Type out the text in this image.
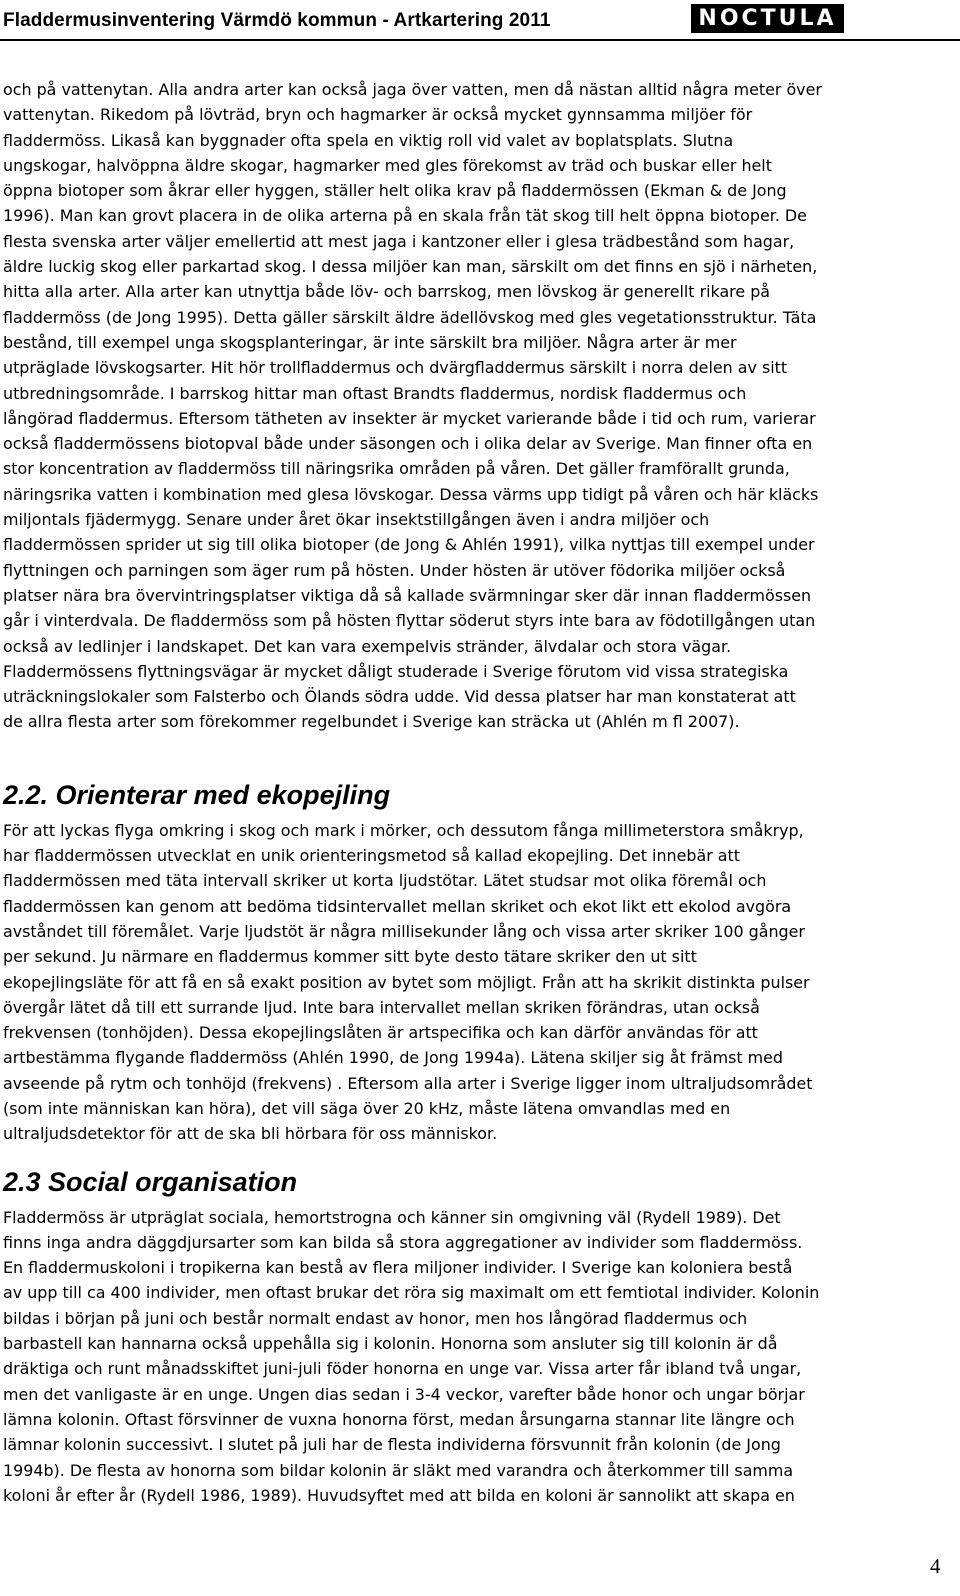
Fladdermusinventering Värmdö kommun - Artkartering 2011	NOCTULA

och på vattenytan. Alla andra arter kan också jaga över vatten, men då nästan alltid några meter över
vattenytan. Rikedom på lövträd, bryn och hagmarker är också mycket gynnsamma miljöer för
fladdermöss. Likaså kan byggnader ofta spela en viktig roll vid valet av boplatsplats. Slutna
ungskogar, halvöppna äldre skogar, hagmarker med gles förekomst av träd och buskar eller helt
öppna biotoper som åkrar eller hyggen, ställer helt olika krav på fladdermössen (Ekman & de Jong
1996). Man kan grovt placera in de olika arterna på en skala från tät skog till helt öppna biotoper. De
flesta svenska arter väljer emellertid att mest jaga i kantzoner eller i glesa trädbestånd som hagar,
äldre luckig skog eller parkartad skog. I dessa miljöer kan man, särskilt om det finns en sjö i närheten,
hitta alla arter. Alla arter kan utnyttja både löv- och barrskog, men lövskog är generellt rikare på
fladdermöss (de Jong 1995). Detta gäller särskilt äldre ädellövskog med gles vegetationsstruktur. Täta
bestånd, till exempel unga skogsplanteringar, är inte särskilt bra miljöer. Några arter är mer
utpräglade lövskogsarter. Hit hör trollfladdermus och dvärgfladdermus särskilt i norra delen av sitt
utbredningsområde. I barrskog hittar man oftast Brandts fladdermus, nordisk fladdermus och
långörad fladdermus. Eftersom tätheten av insekter är mycket varierande både i tid och rum, varierar
också fladdermössens biotopval både under säsongen och i olika delar av Sverige. Man finner ofta en
stor koncentration av fladdermöss till näringsrika områden på våren. Det gäller framförallt grunda,
näringsrika vatten i kombination med glesa lövskogar. Dessa värms upp tidigt på våren och här kläcks
miljontals fjädermygg. Senare under året ökar insektstillgången även i andra miljöer och
fladdermössen sprider ut sig till olika biotoper (de Jong & Ahlén 1991), vilka nyttjas till exempel under
flyttningen och parningen som äger rum på hösten. Under hösten är utöver födorika miljöer också
platser nära bra övervintringsplatser viktiga då så kallade svärmningar sker där innan fladdermössen
går i vinterdvala. De fladdermöss som på hösten flyttar söderut styrs inte bara av födotillgången utan
också av ledlinjer i landskapet. Det kan vara exempelvis stränder, älvdalar och stora vägar.
Fladdermössens flyttningsvägar är mycket dåligt studerade i Sverige förutom vid vissa strategiska
uträckningslokaler som Falsterbo och Ölands södra udde. Vid dessa platser har man konstaterat att
de allra flesta arter som förekommer regelbundet i Sverige kan sträcka ut (Ahlén m fl 2007).

2.2. Orienterar med ekopejling

För att lyckas flyga omkring i skog och mark i mörker, och dessutom fånga millimeterstora småkryp,
har fladdermössen utvecklat en unik orienteringsmetod så kallad ekopejling. Det innebär att
fladdermössen med täta intervall skriker ut korta ljudstötar. Lätet studsar mot olika föremål och
fladdermössen kan genom att bedöma tidsintervallet mellan skriket och ekot likt ett ekolod avgöra
avståndet till föremålet. Varje ljudstöt är några millisekunder lång och vissa arter skriker 100 gånger
per sekund. Ju närmare en fladdermus kommer sitt byte desto tätare skriker den ut sitt
ekopejlingsläte för att få en så exakt position av bytet som möjligt. Från att ha skrikit distinkta pulser
övergår lätet då till ett surrande ljud. Inte bara intervallet mellan skriken förändras, utan också
frekvensen (tonhöjden). Dessa ekopejlingslåten är artspecifika och kan därför användas för att
artbestämma flygande fladdermöss (Ahlén 1990, de Jong 1994a). Lätena skiljer sig åt främst med
avseende på rytm och tonhöjd (frekvens) . Eftersom alla arter i Sverige ligger inom ultraljudsområdet
(som inte människan kan höra), det vill säga över 20 kHz, måste lätena omvandlas med en
ultraljudsdetektor för att de ska bli hörbara för oss människor.

2.3 Social organisation

Fladdermöss är utpräglat sociala, hemortstrogna och känner sin omgivning väl (Rydell 1989). Det
finns inga andra däggdjursarter som kan bilda så stora aggregationer av individer som fladdermöss.
En fladdermuskoloni i tropikerna kan bestå av flera miljoner individer. I Sverige kan koloniera bestå
av upp till ca 400 individer, men oftast brukar det röra sig maximalt om ett femtiotal individer. Kolonin
bildas i början på juni och består normalt endast av honor, men hos långörad fladdermus och
barbastell kan hannarna också uppehålla sig i kolonin. Honorna som ansluter sig till kolonin är då
dräktiga och runt månadsskiftet juni-juli föder honorna en unge var. Vissa arter får ibland två ungar,
men det vanligaste är en unge. Ungen dias sedan i 3-4 veckor, varefter både honor och ungar börjar
lämna kolonin. Oftast försvinner de vuxna honorna först, medan årsungarna stannar lite längre och
lämnar kolonin successivt. I slutet på juli har de flesta individerna försvunnit från kolonin (de Jong
1994b). De flesta av honorna som bildar kolonin är släkt med varandra och återkommer till samma
koloni år efter år (Rydell 1986, 1989). Huvudsyftet med att bilda en koloni är sannolikt att skapa en

4
